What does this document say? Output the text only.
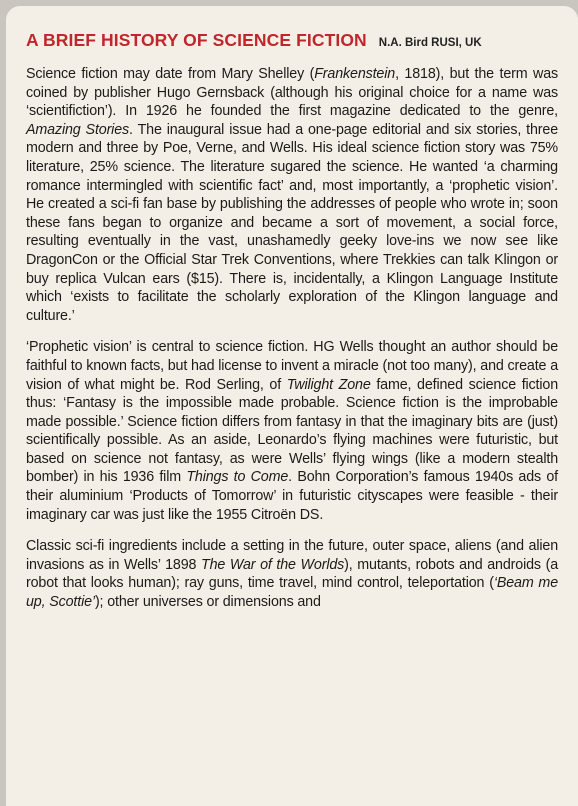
A BRIEF HISTORY OF SCIENCE FICTION N.A. Bird RUSI, UK

Science fiction may date from Mary Shelley (Frankenstein, 1818), but the term was coined by publisher Hugo Gernsback (although his original choice for a name was ‘scientifiction’). In 1926 he founded the first magazine dedicated to the genre, Amazing Stories. The inaugural issue had a one-page editorial and six stories, three modern and three by Poe, Verne, and Wells. His ideal science fiction story was 75% literature, 25% science. The literature sugared the science. He wanted ‘a charming romance intermingled with scientific fact’ and, most importantly, a ‘prophetic vision’. He created a sci-fi fan base by publishing the addresses of people who wrote in; soon these fans began to organize and became a sort of movement, a social force, resulting eventually in the vast, unashamedly geeky love-ins we now see like DragonCon or the Official Star Trek Conventions, where Trekkies can talk Klingon or buy replica Vulcan ears ($15). There is, incidentally, a Klingon Language Institute which ‘exists to facilitate the scholarly exploration of the Klingon language and culture.’

‘Prophetic vision’ is central to science fiction. HG Wells thought an author should be faithful to known facts, but had license to invent a miracle (not too many), and create a vision of what might be. Rod Serling, of Twilight Zone fame, defined science fiction thus: ‘Fantasy is the impossible made probable. Science fiction is the improbable made possible.’ Science fiction differs from fantasy in that the imaginary bits are (just) scientifically possible. As an aside, Leonardo’s flying machines were futuristic, but based on science not fantasy, as were Wells’ flying wings (like a modern stealth bomber) in his 1936 film Things to Come. Bohn Corporation’s famous 1940s ads of their aluminium ‘Products of Tomorrow’ in futuristic cityscapes were feasible - their imaginary car was just like the 1955 Citroën DS.

Classic sci-fi ingredients include a setting in the future, outer space, aliens (and alien invasions as in Wells’ 1898 The War of the Worlds), mutants, robots and androids (a robot that looks human); ray guns, time travel, mind control, teleportation (‘Beam me up, Scottie’); other universes or dimensions and
